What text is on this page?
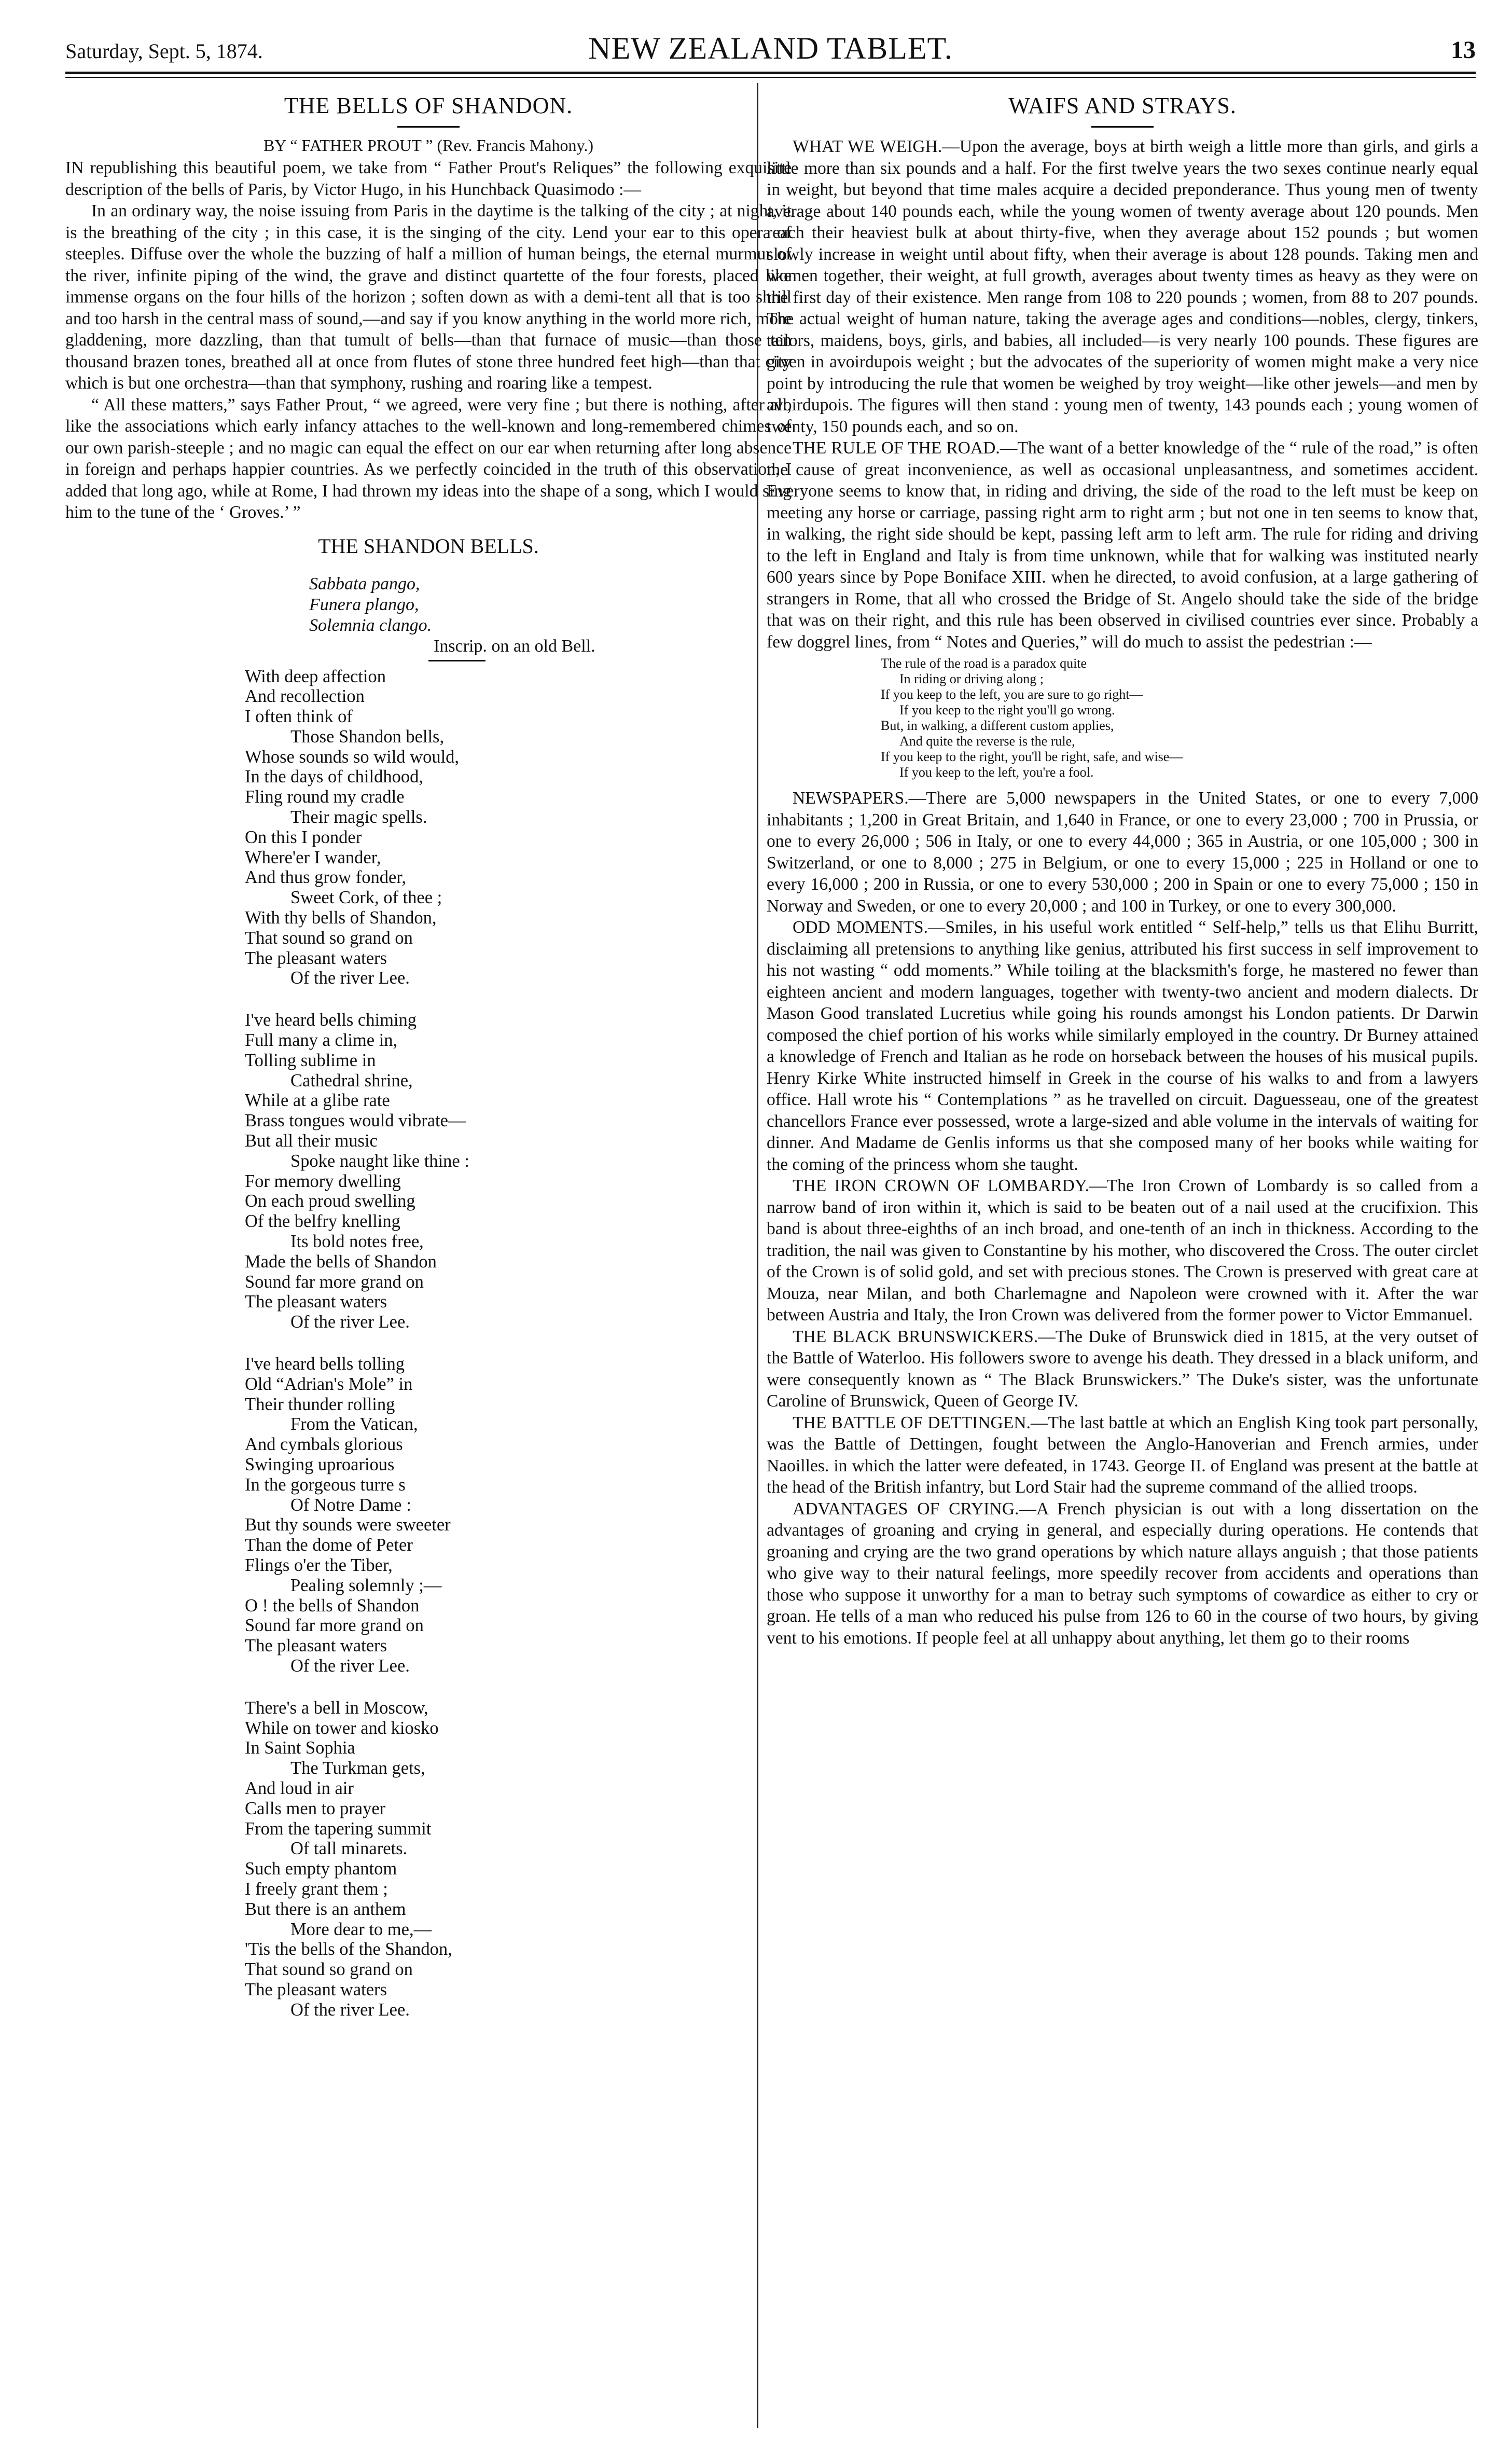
Saturday, Sept. 5, 1874.	NEW ZEALAND TABLET.	13
THE BELLS OF SHANDON.
BY “ FATHER PROUT ” (Rev. Francis Mahony.)

IN republishing this beautiful poem, we take from “ Father Prout's Reliques” the following exquisite description of the bells of Paris, by Victor Hugo, in his Hunchback Quasimodo :—

In an ordinary way, the noise issuing from Paris in the daytime is the talking of the city ; at night, it is the breathing of the city ; in this case, it is the singing of the city. Lend your ear to this opera of steeples. Diffuse over the whole the buzzing of half a million of human beings, the eternal murmur of the river, infinite piping of the wind, the grave and distinct quartette of the four forests, placed like immense organs on the four hills of the horizon ; soften down as with a demi-tent all that is too shrill and too harsh in the central mass of sound,—and say if you know anything in the world more rich, more gladdening, more dazzling, than that tumult of bells—than that furnace of music—than those ten thousand brazen tones, breathed all at once from flutes of stone three hundred feet high—than that city which is but one orchestra—than that symphony, rushing and roaring like a tempest.

“ All these matters,” says Father Prout, “ we agreed, were very fine ; but there is nothing, after all, like the associations which early infancy attaches to the well-known and long-remembered chimes of our own parish-steeple ; and no magic can equal the effect on our ear when returning after long absence in foreign and perhaps happier countries. As we perfectly coincided in the truth of this observation, I added that long ago, while at Rome, I had thrown my ideas into the shape of a song, which I would sing him to the tune of the ‘ Groves.’ ”

THE SHANDON BELLS.
Sabbata pango,
Funera plango,
Solemnia clango.
Inscrip. on an old Bell.
With deep affection
And recollection
I often think of
Those Shandon bells,
Whose sounds so wild would,
In the days of childhood,
Fling round my cradle
Their magic spells.
On this I ponder
Where'er I wander,
And thus grow fonder,
Sweet Cork, of thee ;
With thy bells of Shandon,
That sound so grand on
The pleasant waters
Of the river Lee.
I've heard bells chiming
Full many a clime in,
Tolling sublime in
Cathedral shrine,
While at a glibe rate
Brass tongues would vibrate—
But all their music
Spoke naught like thine :
For memory dwelling
On each proud swelling
Of the belfry knelling
Its bold notes free,
Made the bells of Shandon
Sound far more grand on
The pleasant waters
Of the river Lee.
I've heard bells tolling
Old “Adrian's Mole” in
Their thunder rolling
From the Vatican,
And cymbals glorious
Swinging uproarious
In the gorgeous turre s
Of Notre Dame :
But thy sounds were sweeter
Than the dome of Peter
Flings o'er the Tiber,
Pealing solemnly ;—
O ! the bells of Shandon
Sound far more grand on
The pleasant waters
Of the river Lee.
There's a bell in Moscow,
While on tower and kiosko
In Saint Sophia
The Turkman gets,
And loud in air
Calls men to prayer
From the tapering summit
Of tall minarets.
Such empty phantom
I freely grant them ;
But there is an anthem
More dear to me,—
'Tis the bells of the Shandon,
That sound so grand on
The pleasant waters
Of the river Lee.
WAIFS AND STRAYS.

WHAT WE WEIGH.—Upon the average, boys at birth weigh a little more than girls, and girls a little more than six pounds and a half. For the first twelve years the two sexes continue nearly equal in weight, but beyond that time males acquire a decided preponderance. Thus young men of twenty average about 140 pounds each, while the young women of twenty average about 120 pounds. Men reach their heaviest bulk at about thirty-five, when they average about 152 pounds ; but women slowly increase in weight until about fifty, when their average is about 128 pounds. Taking men and women together, their weight, at full growth, averages about twenty times as heavy as they were on the first day of their existence. Men range from 108 to 220 pounds ; women, from 88 to 207 pounds. The actual weight of human nature, taking the average ages and conditions—nobles, clergy, tinkers, tailors, maidens, boys, girls, and babies, all included—is very nearly 100 pounds. These figures are given in avoirdupois weight ; but the advocates of the superiority of women might make a very nice point by introducing the rule that women be weighed by troy weight—like other jewels—and men by avoirdupois. The figures will then stand : young men of twenty, 143 pounds each ; young women of twenty, 150 pounds each, and so on.

THE RULE OF THE ROAD.—The want of a better knowledge of the “ rule of the road,” is often the cause of great inconvenience, as well as occasional unpleasantness, and sometimes accident. Everyone seems to know that, in riding and driving, the side of the road to the left must be keep on meeting any horse or carriage, passing right arm to right arm ; but not one in ten seems to know that, in walking, the right side should be kept, passing left arm to left arm. The rule for riding and driving to the left in England and Italy is from time unknown, while that for walking was instituted nearly 600 years since by Pope Boniface XIII. when he directed, to avoid confusion, at a large gathering of strangers in Rome, that all who crossed the Bridge of St. Angelo should take the side of the bridge that was on their right, and this rule has been observed in civilised countries ever since. Probably a few doggrel lines, from “ Notes and Queries,” will do much to assist the pedestrian :—

The rule of the road is a paradox quite
In riding or driving along ;
If you keep to the left, you are sure to go right—
If you keep to the right you'll go wrong.
But, in walking, a different custom applies,
And quite the reverse is the rule,
If you keep to the right, you'll be right, safe, and wise—
If you keep to the left, you're a fool.

NEWSPAPERS.—There are 5,000 newspapers in the United States, or one to every 7,000 inhabitants ; 1,200 in Great Britain, and 1,640 in France, or one to every 23,000 ; 700 in Prussia, or one to every 26,000 ; 506 in Italy, or one to every 44,000 ; 365 in Austria, or one 105,000 ; 300 in Switzerland, or one to 8,000 ; 275 in Belgium, or one to every 15,000 ; 225 in Holland or one to every 16,000 ; 200 in Russia, or one to every 530,000 ; 200 in Spain or one to every 75,000 ; 150 in Norway and Sweden, or one to every 20,000 ; and 100 in Turkey, or one to every 300,000.

ODD MOMENTS.—Smiles, in his useful work entitled “ Self-help,” tells us that Elihu Burritt, disclaiming all pretensions to anything like genius, attributed his first success in self improvement to his not wasting “ odd moments.” While toiling at the blacksmith's forge, he mastered no fewer than eighteen ancient and modern languages, together with twenty-two ancient and modern dialects. Dr Mason Good translated Lucretius while going his rounds amongst his London patients. Dr Darwin composed the chief portion of his works while similarly employed in the country. Dr Burney attained a knowledge of French and Italian as he rode on horseback between the houses of his musical pupils. Henry Kirke White instructed himself in Greek in the course of his walks to and from a lawyers office. Hall wrote his “ Contemplations ” as he travelled on circuit. Daguesseau, one of the greatest chancellors France ever possessed, wrote a large-sized and able volume in the intervals of waiting for dinner. And Madame de Genlis informs us that she composed many of her books while waiting for the coming of the princess whom she taught.

THE IRON CROWN OF LOMBARDY.—The Iron Crown of Lombardy is so called from a narrow band of iron within it, which is said to be beaten out of a nail used at the crucifixion. This band is about three-eighths of an inch broad, and one-tenth of an inch in thickness. According to the tradition, the nail was given to Constantine by his mother, who discovered the Cross. The outer circlet of the Crown is of solid gold, and set with precious stones. The Crown is preserved with great care at Mouza, near Milan, and both Charlemagne and Napoleon were crowned with it. After the war between Austria and Italy, the Iron Crown was delivered from the former power to Victor Emmanuel.

THE BLACK BRUNSWICKERS.—The Duke of Brunswick died in 1815, at the very outset of the Battle of Waterloo. His followers swore to avenge his death. They dressed in a black uniform, and were consequently known as “ The Black Brunswickers.” The Duke's sister, was the unfortunate Caroline of Brunswick, Queen of George IV.

THE BATTLE OF DETTINGEN.—The last battle at which an English King took part personally, was the Battle of Dettingen, fought between the Anglo-Hanoverian and French armies, under Naoilles. in which the latter were defeated, in 1743. George II. of England was present at the battle at the head of the British infantry, but Lord Stair had the supreme command of the allied troops.

ADVANTAGES OF CRYING.—A French physician is out with a long dissertation on the advantages of groaning and crying in general, and especially during operations. He contends that groaning and crying are the two grand operations by which nature allays anguish ; that those patients who give way to their natural feelings, more speedily recover from accidents and operations than those who suppose it unworthy for a man to betray such symptoms of cowardice as either to cry or groan. He tells of a man who reduced his pulse from 126 to 60 in the course of two hours, by giving vent to his emotions. If people feel at all unhappy about anything, let them go to their rooms
